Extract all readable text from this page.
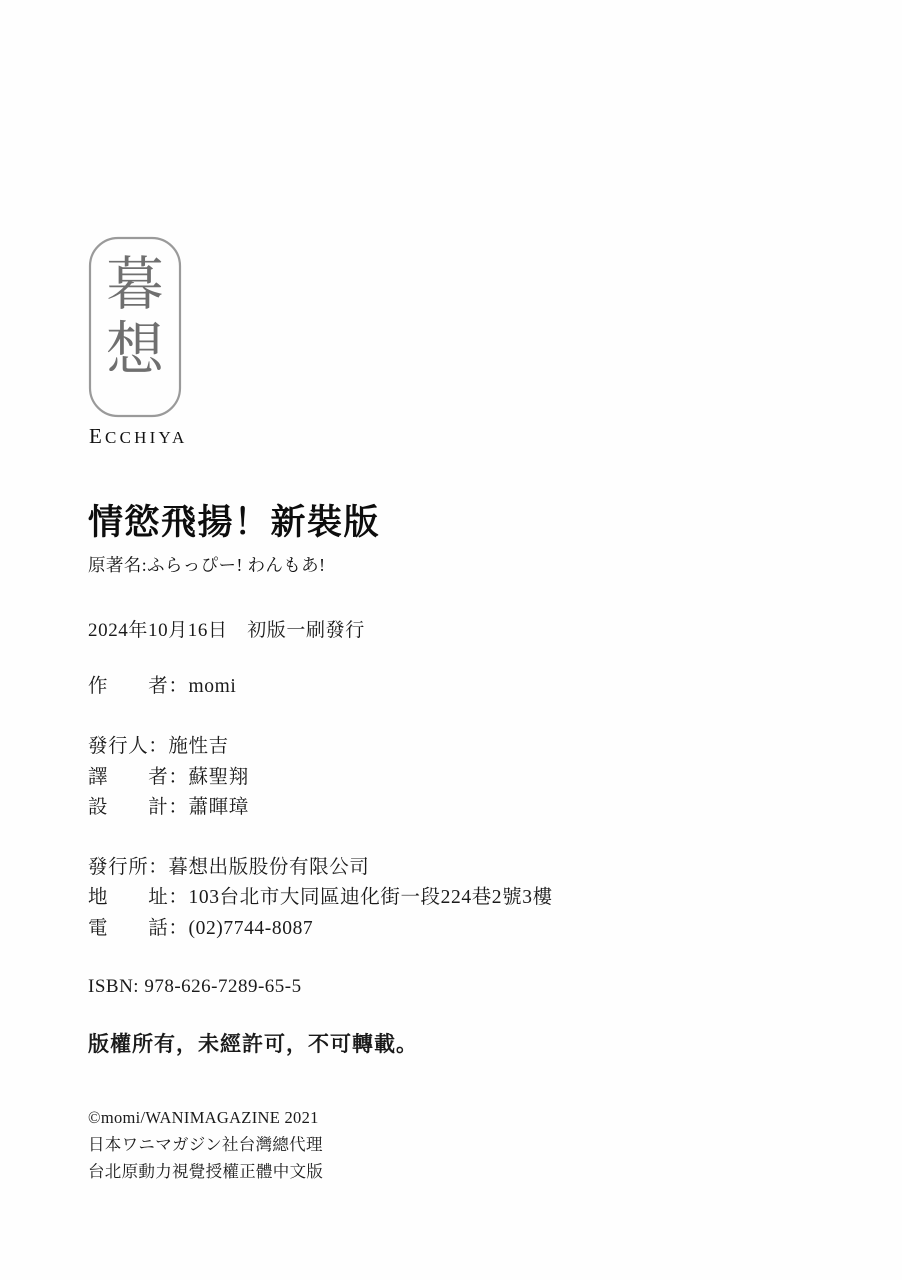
暮
想
ECCHIYA
情慾飛揚！新裝版
原著名:ふらっぴー! わんもあ!
2024年10月16日　初版一刷發行
作　　者：momi
發行人：施性吉
譯　　者：蘇聖翔
設　　計：蕭暉璋
發行所：暮想出版股份有限公司
地　　址：103台北市大同區迪化街一段224巷2號3樓
電　　話：(02)7744-8087
ISBN: 978-626-7289-65-5
版權所有，未經許可，不可轉載。
©momi/WANIMAGAZINE 2021
日本ワニマガジン社台灣總代理
台北原動力視覺授權正體中文版
